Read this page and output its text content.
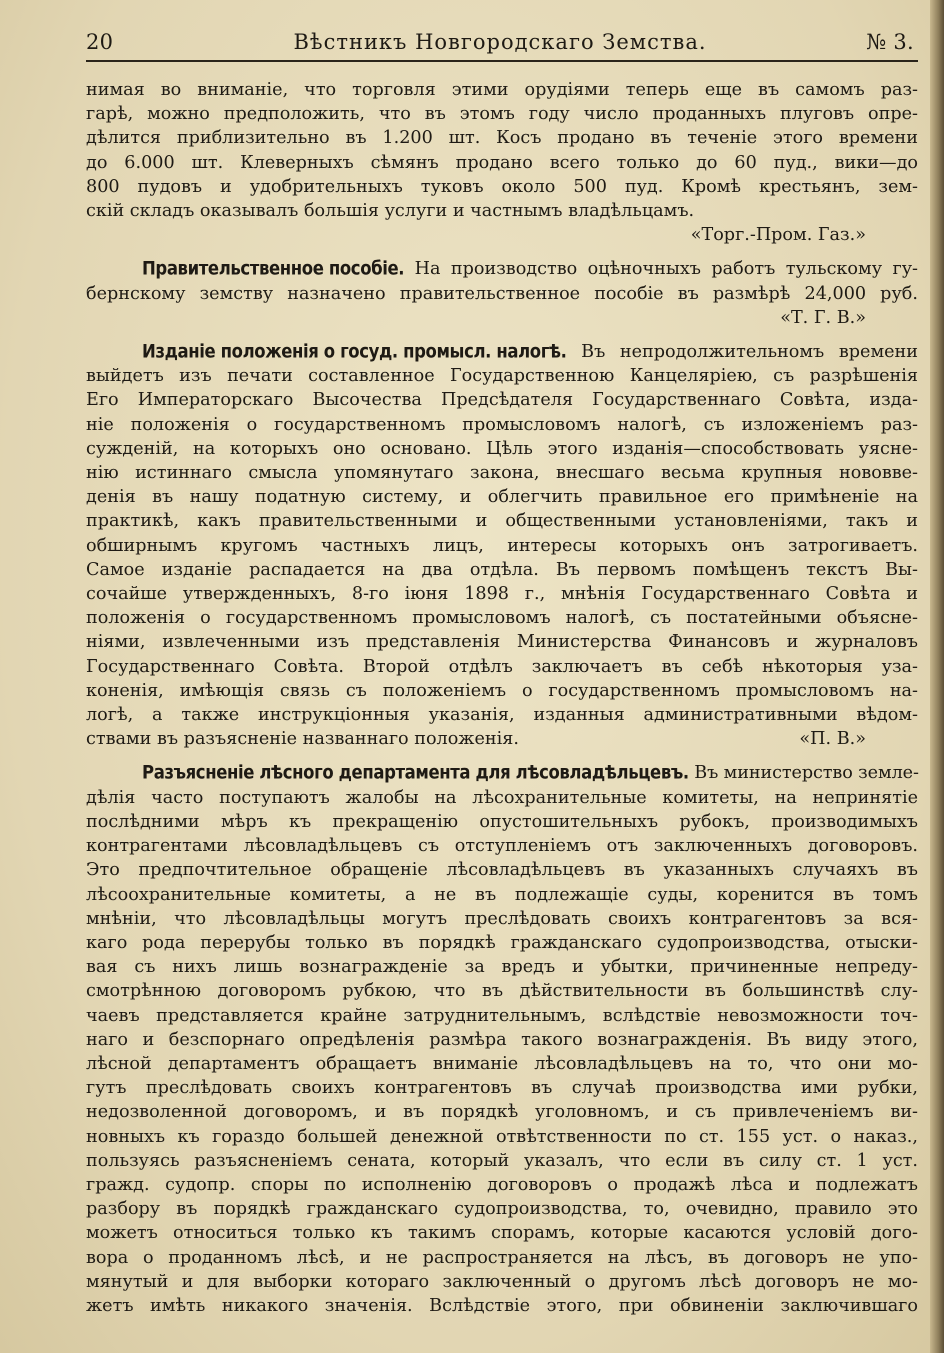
20	Вѣстникъ Новгородскаго Земства.	№ 3.
нимая во вниманіе, что торговля этими орудіями теперь еще въ самомъ раз-
гарѣ, можно предположить, что въ этомъ году число проданныхъ плуговъ опре-
дѣлится приблизительно въ 1.200 шт. Косъ продано въ теченіе этого времени
до 6.000 шт. Клеверныхъ сѣмянъ продано всего только до 60 пуд., вики—до
800 пудовъ и удобрительныхъ туковъ около 500 пуд. Кромѣ крестьянъ, зем-
скій складъ оказывалъ большія услуги и частнымъ владѣльцамъ.
«Торг.-Пром. Газ.»
Правительственное пособіе. На производство оцѣночныхъ работъ тульскому гу-
бернскому земству назначено правительственное пособіе въ размѣрѣ 24,000 руб.
«Т. Г. В.»
Изданіе положенія о госуд. промысл. налогѣ. Въ непродолжительномъ времени
выйдетъ изъ печати составленное Государственною Канцеляріею, съ разрѣшенія
Его Императорскаго Высочества Предсѣдателя Государственнаго Совѣта, изда-
ніе положенія о государственномъ промысловомъ налогѣ, съ изложеніемъ раз-
сужденій, на которыхъ оно основано. Цѣль этого изданія—способствовать уясне-
нію истиннаго смысла упомянутаго закона, внесшаго весьма крупныя нововве-
денія въ нашу податную систему, и облегчить правильное его примѣненіе на
практикѣ, какъ правительственными и общественными установленіями, такъ и
обширнымъ кругомъ частныхъ лицъ, интересы которыхъ онъ затрогиваетъ.
Самое изданіе распадается на два отдѣла. Въ первомъ помѣщенъ текстъ Вы-
сочайше утвержденныхъ, 8-го іюня 1898 г., мнѣнія Государственнаго Совѣта и
положенія о государственномъ промысловомъ налогѣ, съ постатейными объясне-
ніями, извлеченными изъ представленія Министерства Финансовъ и журналовъ
Государственнаго Совѣта. Второй отдѣлъ заключаетъ въ себѣ нѣкоторыя уза-
коненія, имѣющія связь съ положеніемъ о государственномъ промысловомъ на-
логѣ, а также инструкціонныя указанія, изданныя административными вѣдом-
ствами въ разъясненіе названнаго положенія.	«П. В.»
Разъясненіе лѣсного департамента для лѣсовладѣльцевъ. Въ министерство земле-
дѣлія часто поступаютъ жалобы на лѣсохранительные комитеты, на непринятіе
послѣдними мѣръ къ прекращенію опустошительныхъ рубокъ, производимыхъ
контрагентами лѣсовладѣльцевъ съ отступленіемъ отъ заключенныхъ договоровъ.
Это предпочтительное обращеніе лѣсовладѣльцевъ въ указанныхъ случаяхъ въ
лѣсоохранительные комитеты, а не въ подлежащіе суды, коренится въ томъ
мнѣніи, что лѣсовладѣльцы могутъ преслѣдовать своихъ контрагентовъ за вся-
каго рода перерубы только въ порядкѣ гражданскаго судопроизводства, отыски-
вая съ нихъ лишь вознагражденіе за вредъ и убытки, причиненные непреду-
смотрѣнною договоромъ рубкою, что въ дѣйствительности въ большинствѣ слу-
чаевъ представляется крайне затруднительнымъ, вслѣдствіе невозможности точ-
наго и безспорнаго опредѣленія размѣра такого вознагражденія. Въ виду этого,
лѣсной департаментъ обращаетъ вниманіе лѣсовладѣльцевъ на то, что они мо-
гутъ преслѣдовать своихъ контрагентовъ въ случаѣ производства ими рубки,
недозволенной договоромъ, и въ порядкѣ уголовномъ, и съ привлеченіемъ ви-
новныхъ къ гораздо большей денежной отвѣтственности по ст. 155 уст. о наказ.,
пользуясь разъясненіемъ сената, который указалъ, что если въ силу ст. 1 уст.
гражд. судопр. споры по исполненію договоровъ о продажѣ лѣса и подлежатъ
разбору въ порядкѣ гражданскаго судопроизводства, то, очевидно, правило это
можетъ относиться только къ такимъ спорамъ, которые касаются условій дого-
вора о проданномъ лѣсѣ, и не распространяется на лѣсъ, въ договоръ не упо-
мянутый и для выборки котораго заключенный о другомъ лѣсѣ договоръ не мо-
жетъ имѣть никакого значенія. Вслѣдствіе этого, при обвиненіи заключившаго
